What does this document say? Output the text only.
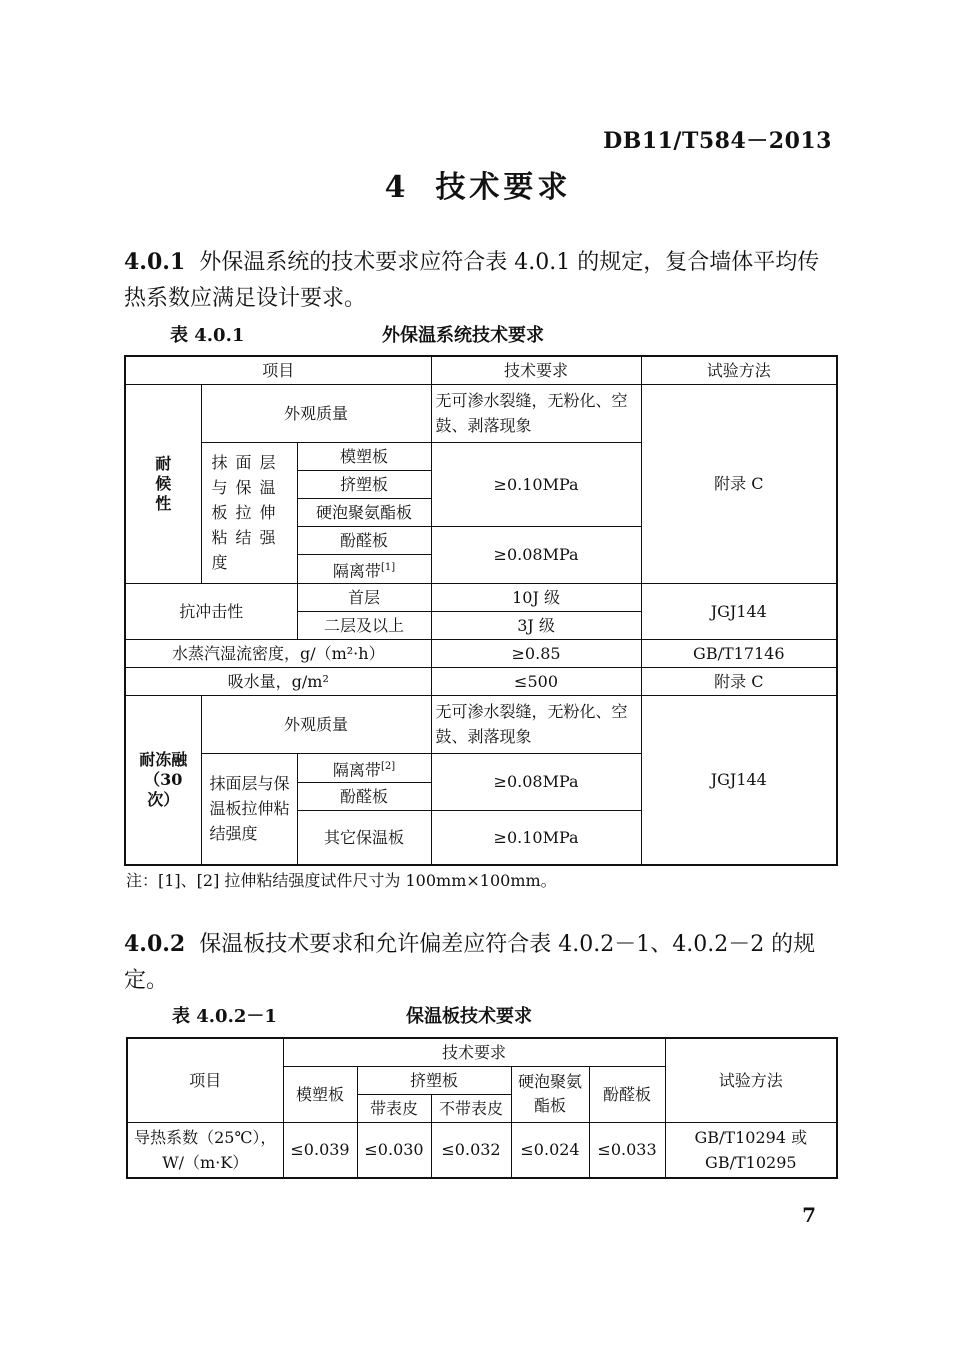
DB11/T584－2013
4 技术要求
4.0.1 外保温系统的技术要求应符合表 4.0.1 的规定，复合墙体平均传热系数应满足设计要求。
表 4.0.1	外保温系统技术要求
项目			技术要求	试验方法

耐候性	外观质量		无可渗水裂缝，无粉化、空鼓、剥落现象	附录 C
	抹面层与保温板拉伸粘结强度	模塑板	≥0.10MPa	
		挤塑板		
		硬泡聚氨酯板		
		酚醛板	≥0.08MPa	
		隔离带[1]
抗冲击性		首层	10J 级	JGJ144
		二层及以上	3J 级	
水蒸汽湿流密度，g/（m²·h）			≥0.85	GB/T17146
吸水量，g/m²			≤500	附录 C

耐冻融
（30 次）	外观质量		无可渗水裂缝，无粉化、空鼓、剥落现象	JGJ144
	抹面层与保温板拉伸粘结强度	隔离带[2]	≥0.08MPa	
		酚醛板		
		其它保温板	≥0.10MPa	
注：[1]、[2] 拉伸粘结强度试件尺寸为 100mm×100mm。
4.0.2 保温板技术要求和允许偏差应符合表 4.0.2－1、4.0.2－2 的规定。
表 4.0.2－1	保温板技术要求
项目	技术要求					试验方法
	模塑板	挤塑板		硬泡聚氨酯板	酚醛板	
		带表皮	不带表皮			
导热系数（25℃），W/（m·K）	≤0.039	≤0.030	≤0.032	≤0.024	≤0.033	GB/T10294 或 GB/T10295
7
